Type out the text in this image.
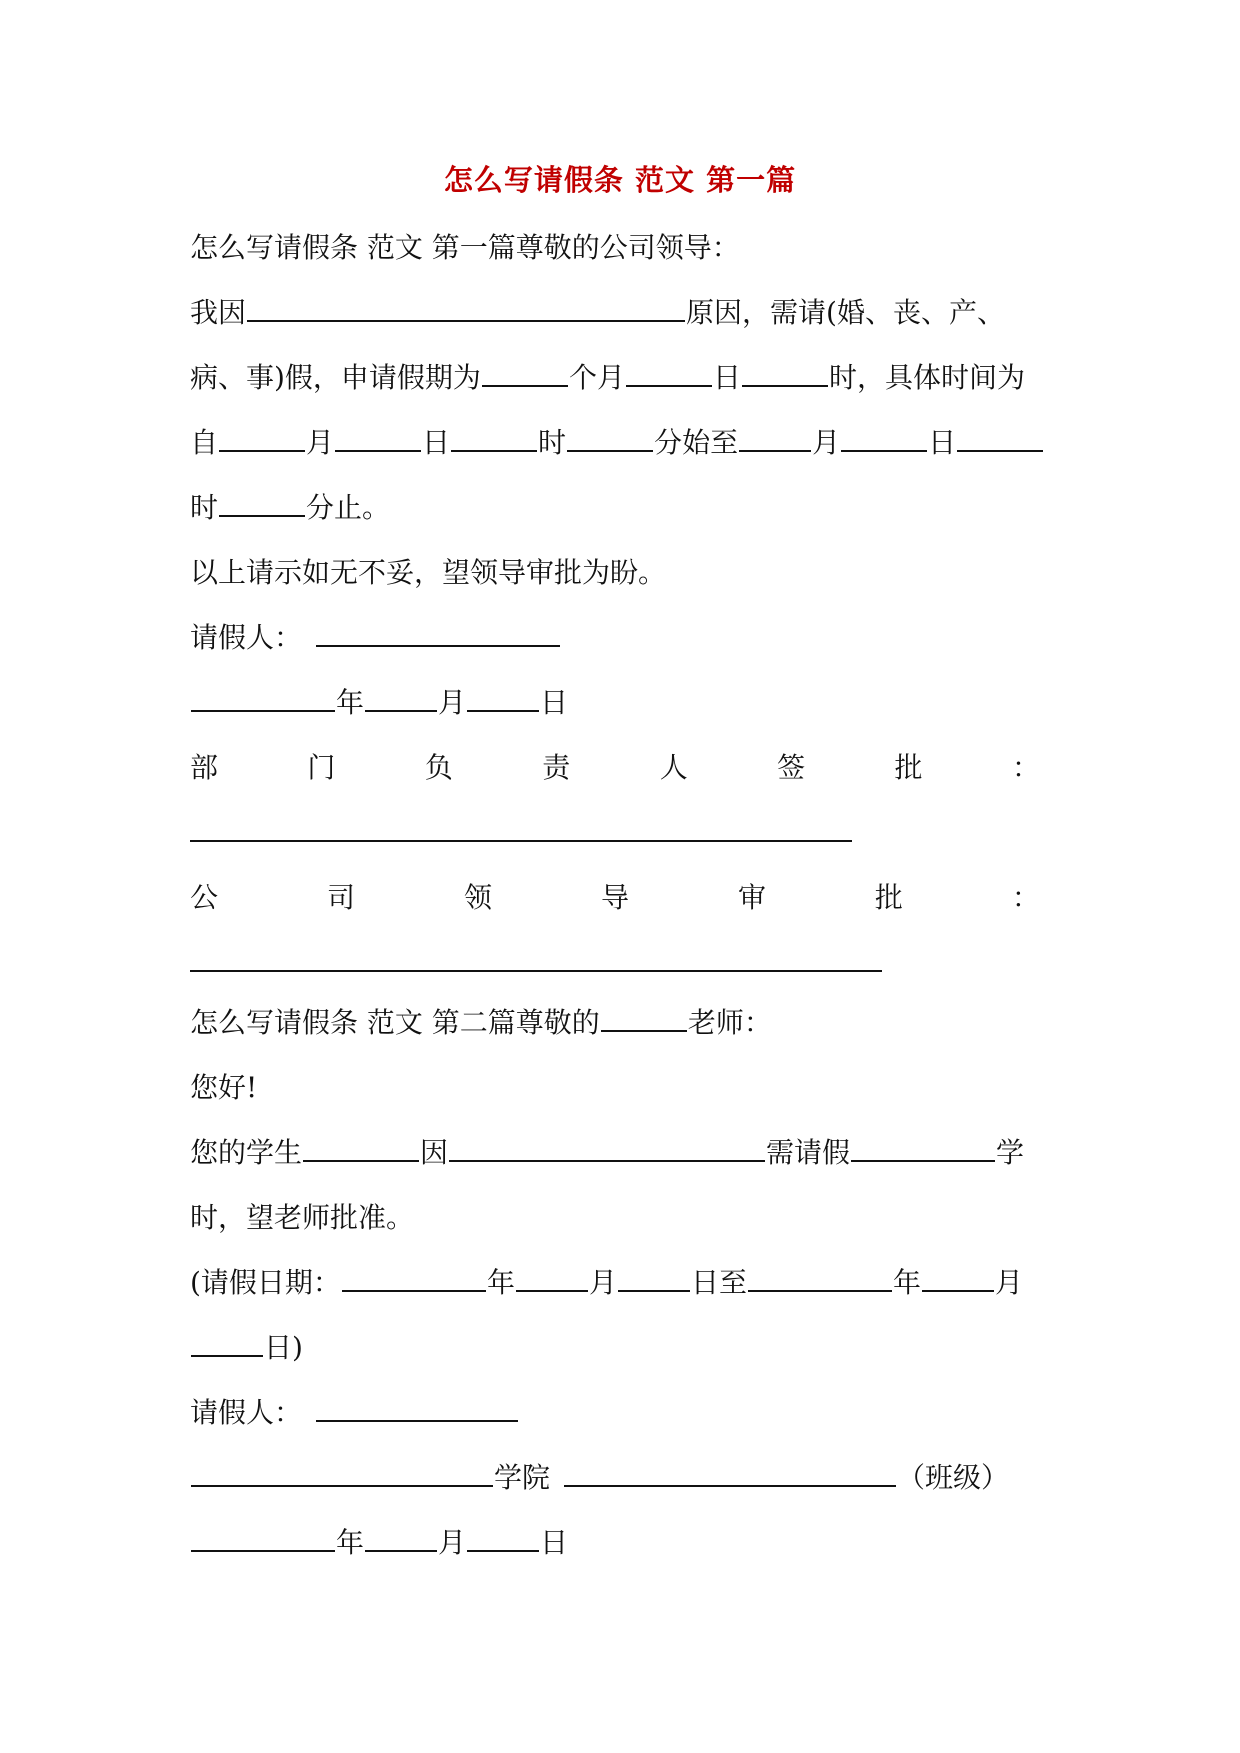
怎么写请假条 范文 第一篇
怎么写请假条 范文 第一篇尊敬的公司领导：
我因	原因，需请(婚、丧、产、
病、事)假，申请假期为	个月	日	时，具体时间为
自	月	日	时	分始至	月	日
时	分止。
以上请示如无不妥，望领导审批为盼。
请假人：
年	月	日
部	门	负	责	人	签	批	：
公	司	领	导	审	批	：
怎么写请假条 范文 第二篇尊敬的	老师：
您好!
您的学生	因	需请假	学
时，望老师批准。
(请假日期：	年	月	日至	年	月
日)
请假人：
学院	（班级）
年	月	日
